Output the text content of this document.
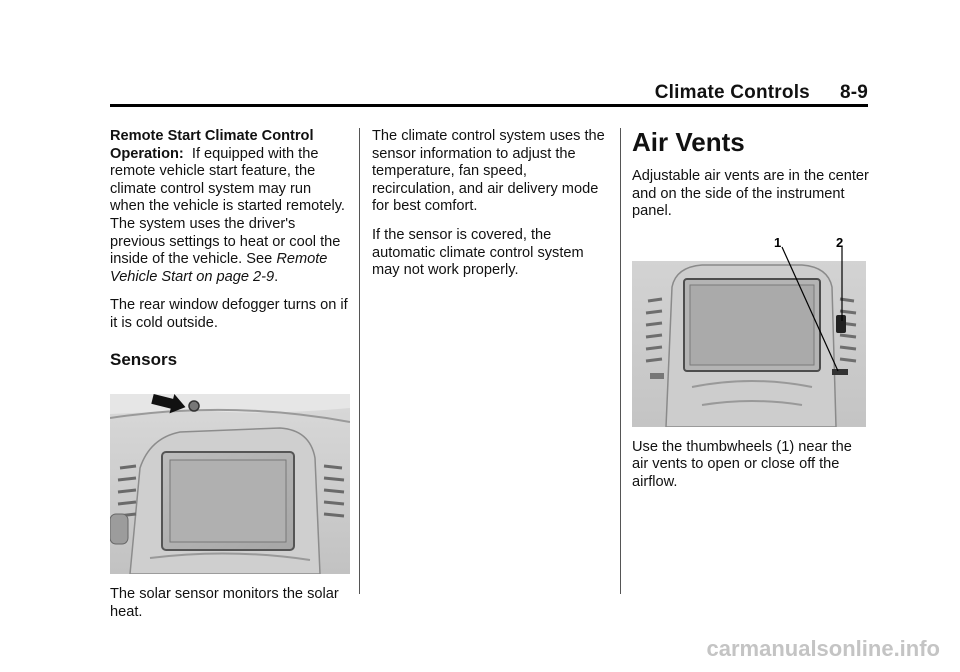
Climate Controls 8-9

Remote Start Climate Control Operation: If equipped with the remote vehicle start feature, the climate control system may run when the vehicle is started remotely. The system uses the driver's previous settings to heat or cool the inside of the vehicle. See Remote Vehicle Start on page 2-9.

The rear window defogger turns on if it is cold outside.

Sensors

The solar sensor monitors the solar heat.

The climate control system uses the sensor information to adjust the temperature, fan speed, recirculation, and air delivery mode for best comfort.

If the sensor is covered, the automatic climate control system may not work properly.

Air Vents

Adjustable air vents are in the center and on the side of the instrument panel.

1	2

Use the thumbwheels (1) near the air vents to open or close off the airflow.

carmanualsonline.info
